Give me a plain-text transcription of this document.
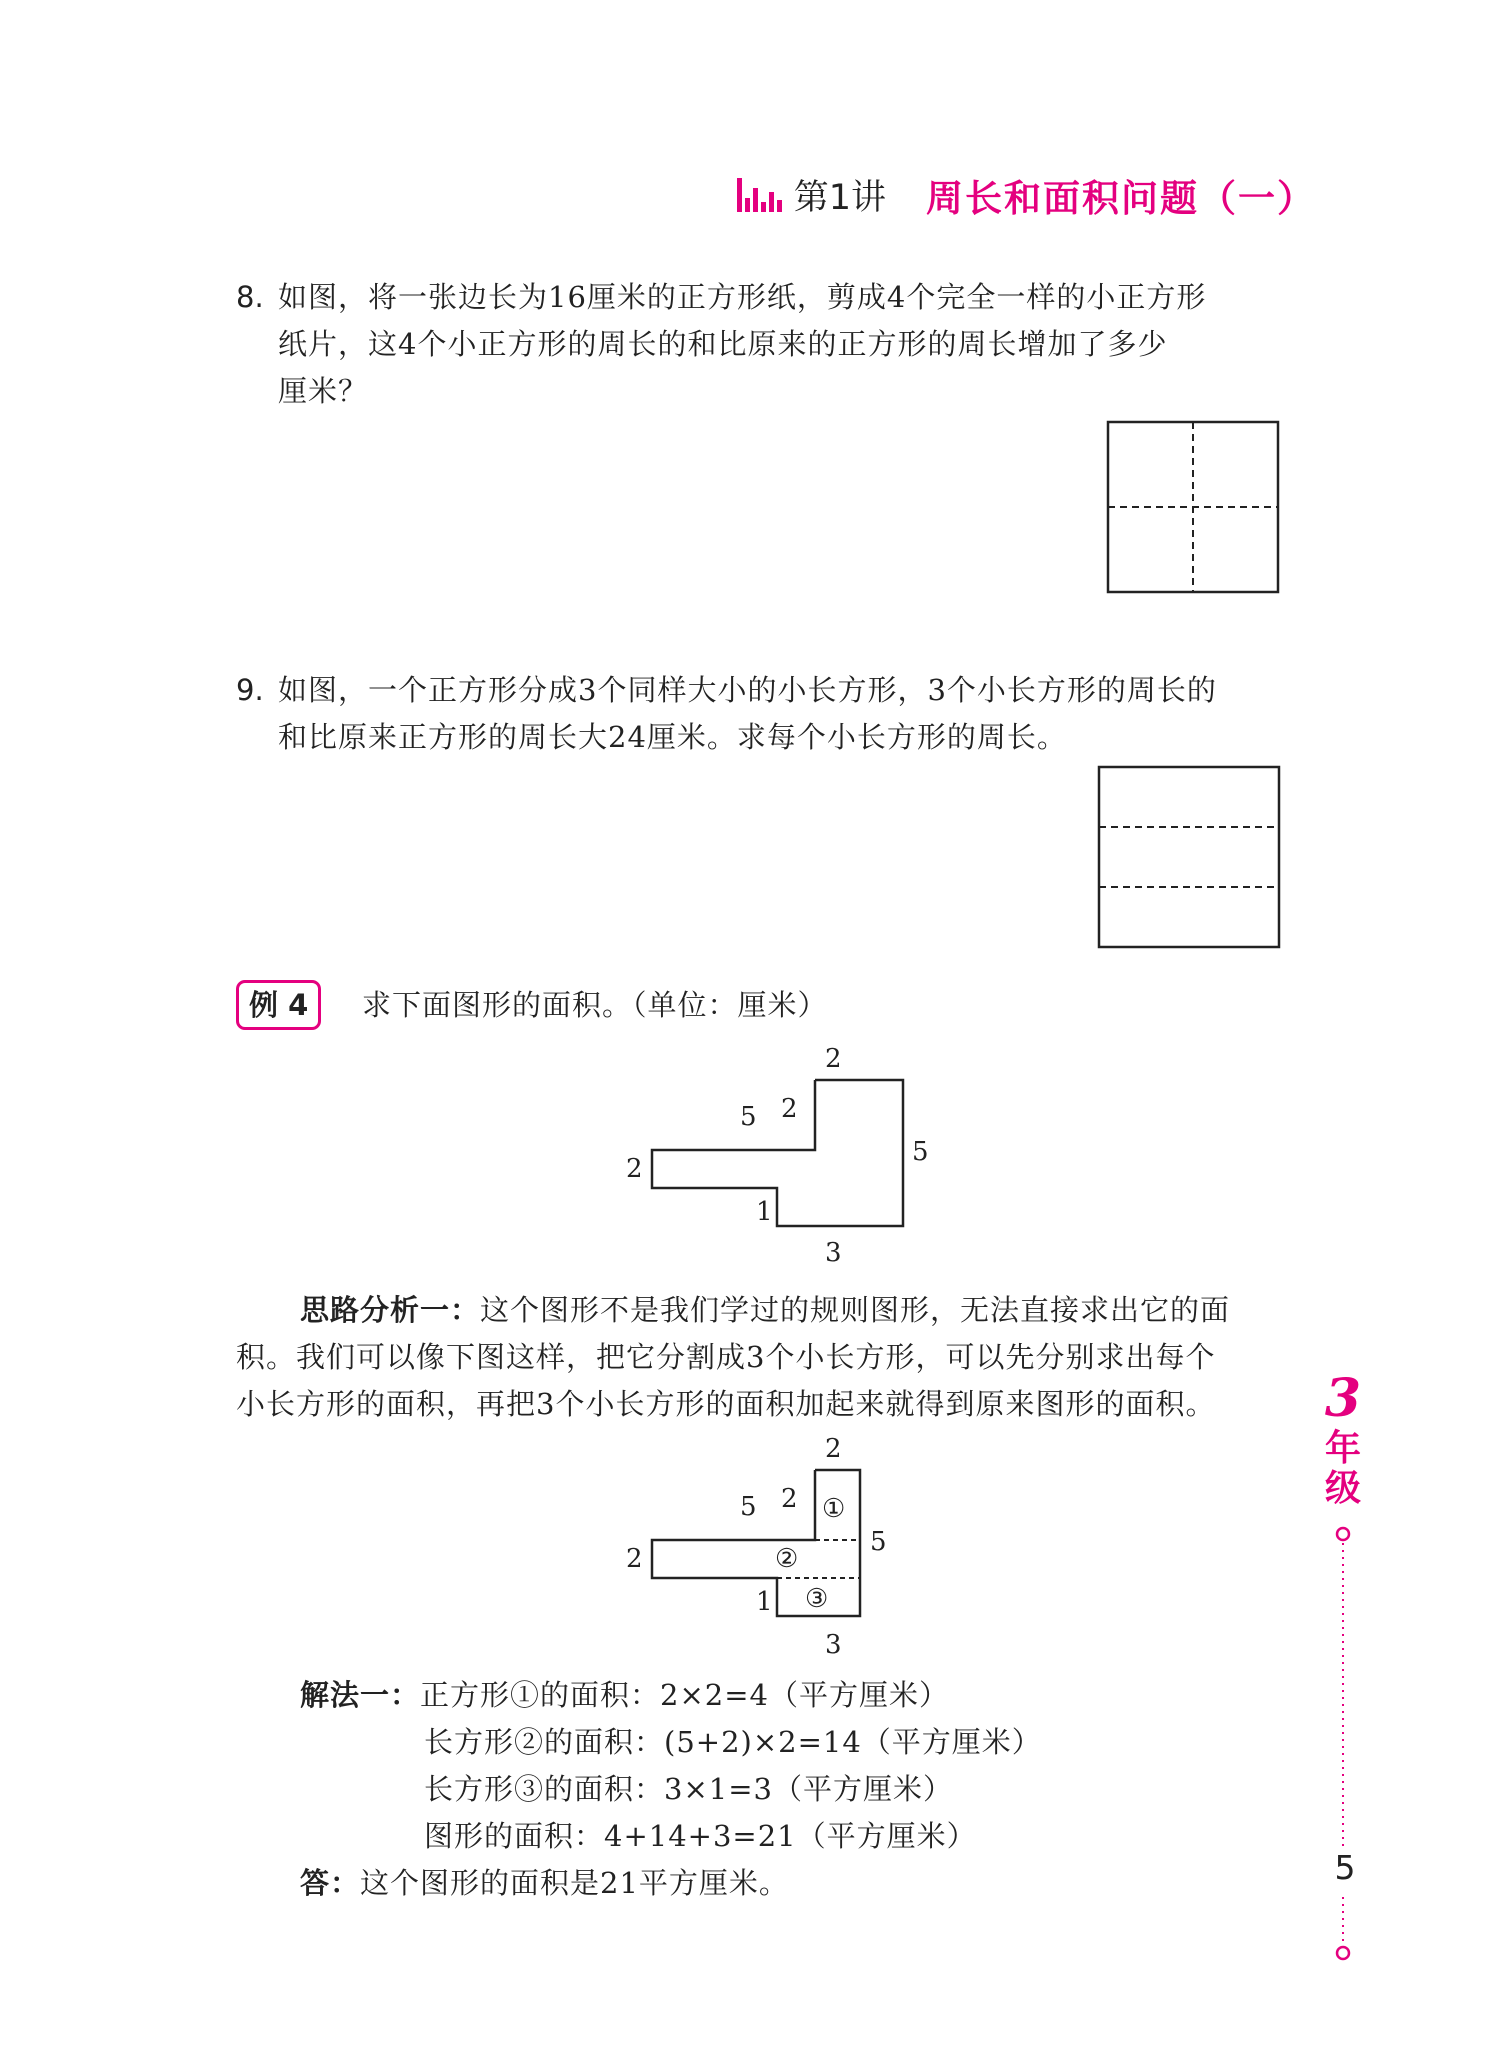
第1讲 周长和面积问题（一）
8. 如图，将一张边长为16厘米的正方形纸，剪成4个完全一样的小正方形
纸片，这4个小正方形的周长的和比原来的正方形的周长增加了多少
厘米？
9. 如图，一个正方形分成3个同样大小的小长方形，3个小长方形的周长的
和比原来正方形的周长大24厘米。求每个小长方形的周长。
例 4	求下面图形的面积。（单位：厘米）
2
5 2
2
5
1
3
思路分析一：这个图形不是我们学过的规则图形，无法直接求出它的面
积。我们可以像下图这样，把它分割成3个小长方形，可以先分别求出每个
小长方形的面积，再把3个小长方形的面积加起来就得到原来图形的面积。
2
5 2
2
5
1
3
①
②
③
解法一：正方形①的面积：2×2=4（平方厘米）
长方形②的面积：(5+2)×2=14（平方厘米）
长方形③的面积：3×1=3（平方厘米）
图形的面积：4+14+3=21（平方厘米）
答：这个图形的面积是21平方厘米。
3
年
级
5
